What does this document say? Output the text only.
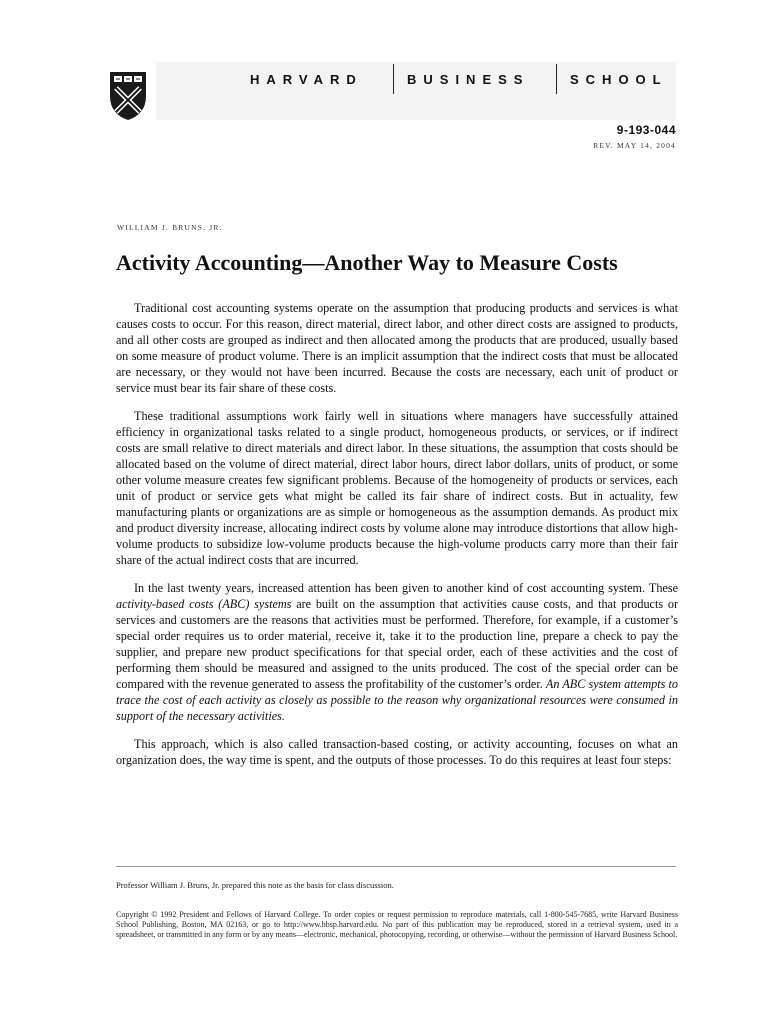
HARVARD	BUSINESS	SCHOOL
9-193-044
REV. MAY 14, 2004
WILLIAM J. BRUNS, JR.
Activity Accounting—Another Way to Measure Costs

Traditional cost accounting systems operate on the assumption that producing products and services is what causes costs to occur. For this reason, direct material, direct labor, and other direct costs are assigned to products, and all other costs are grouped as indirect and then allocated among the products that are produced, usually based on some measure of product volume. There is an implicit assumption that the indirect costs that must be allocated are necessary, or they would not have been incurred. Because the costs are necessary, each unit of product or service must bear its fair share of these costs.

These traditional assumptions work fairly well in situations where managers have successfully attained efficiency in organizational tasks related to a single product, homogeneous products, or services, or if indirect costs are small relative to direct materials and direct labor. In these situations, the assumption that costs should be allocated based on the volume of direct material, direct labor hours, direct labor dollars, units of product, or some other volume measure creates few significant problems. Because of the homogeneity of products or services, each unit of product or service gets what might be called its fair share of indirect costs. But in actuality, few manufacturing plants or organizations are as simple or homogeneous as the assumption demands. As product mix and product diversity increase, allocating indirect costs by volume alone may introduce distortions that allow high- volume products to subsidize low-volume products because the high-volume products carry more than their fair share of the actual indirect costs that are incurred.

In the last twenty years, increased attention has been given to another kind of cost accounting system. These activity-based costs (ABC) systems are built on the assumption that activities cause costs, and that products or services and customers are the reasons that activities must be performed. Therefore, for example, if a customer’s special order requires us to order material, receive it, take it to the production line, prepare a check to pay the supplier, and prepare new product specifications for that special order, each of these activities and the cost of performing them should be measured and assigned to the units produced. The cost of the special order can be compared with the revenue generated to assess the profitability of the customer’s order. An ABC system attempts to trace the cost of each activity as closely as possible to the reason why organizational resources were consumed in support of the necessary activities.

This approach, which is also called transaction-based costing, or activity accounting, focuses on what an organization does, the way time is spent, and the outputs of those processes. To do this requires at least four steps:

Professor William J. Bruns, Jr. prepared this note as the basis for class discussion.
Copyright © 1992 President and Fellows of Harvard College. To order copies or request permission to reproduce materials, call 1-800-545-7685, write Harvard Business School Publishing, Boston, MA 02163, or go to http://www.hbsp.harvard.edu. No part of this publication may be reproduced, stored in a retrieval system, used in a spreadsheet, or transmitted in any form or by any means—electronic, mechanical, photocopying, recording, or otherwise—without the permission of Harvard Business School.
